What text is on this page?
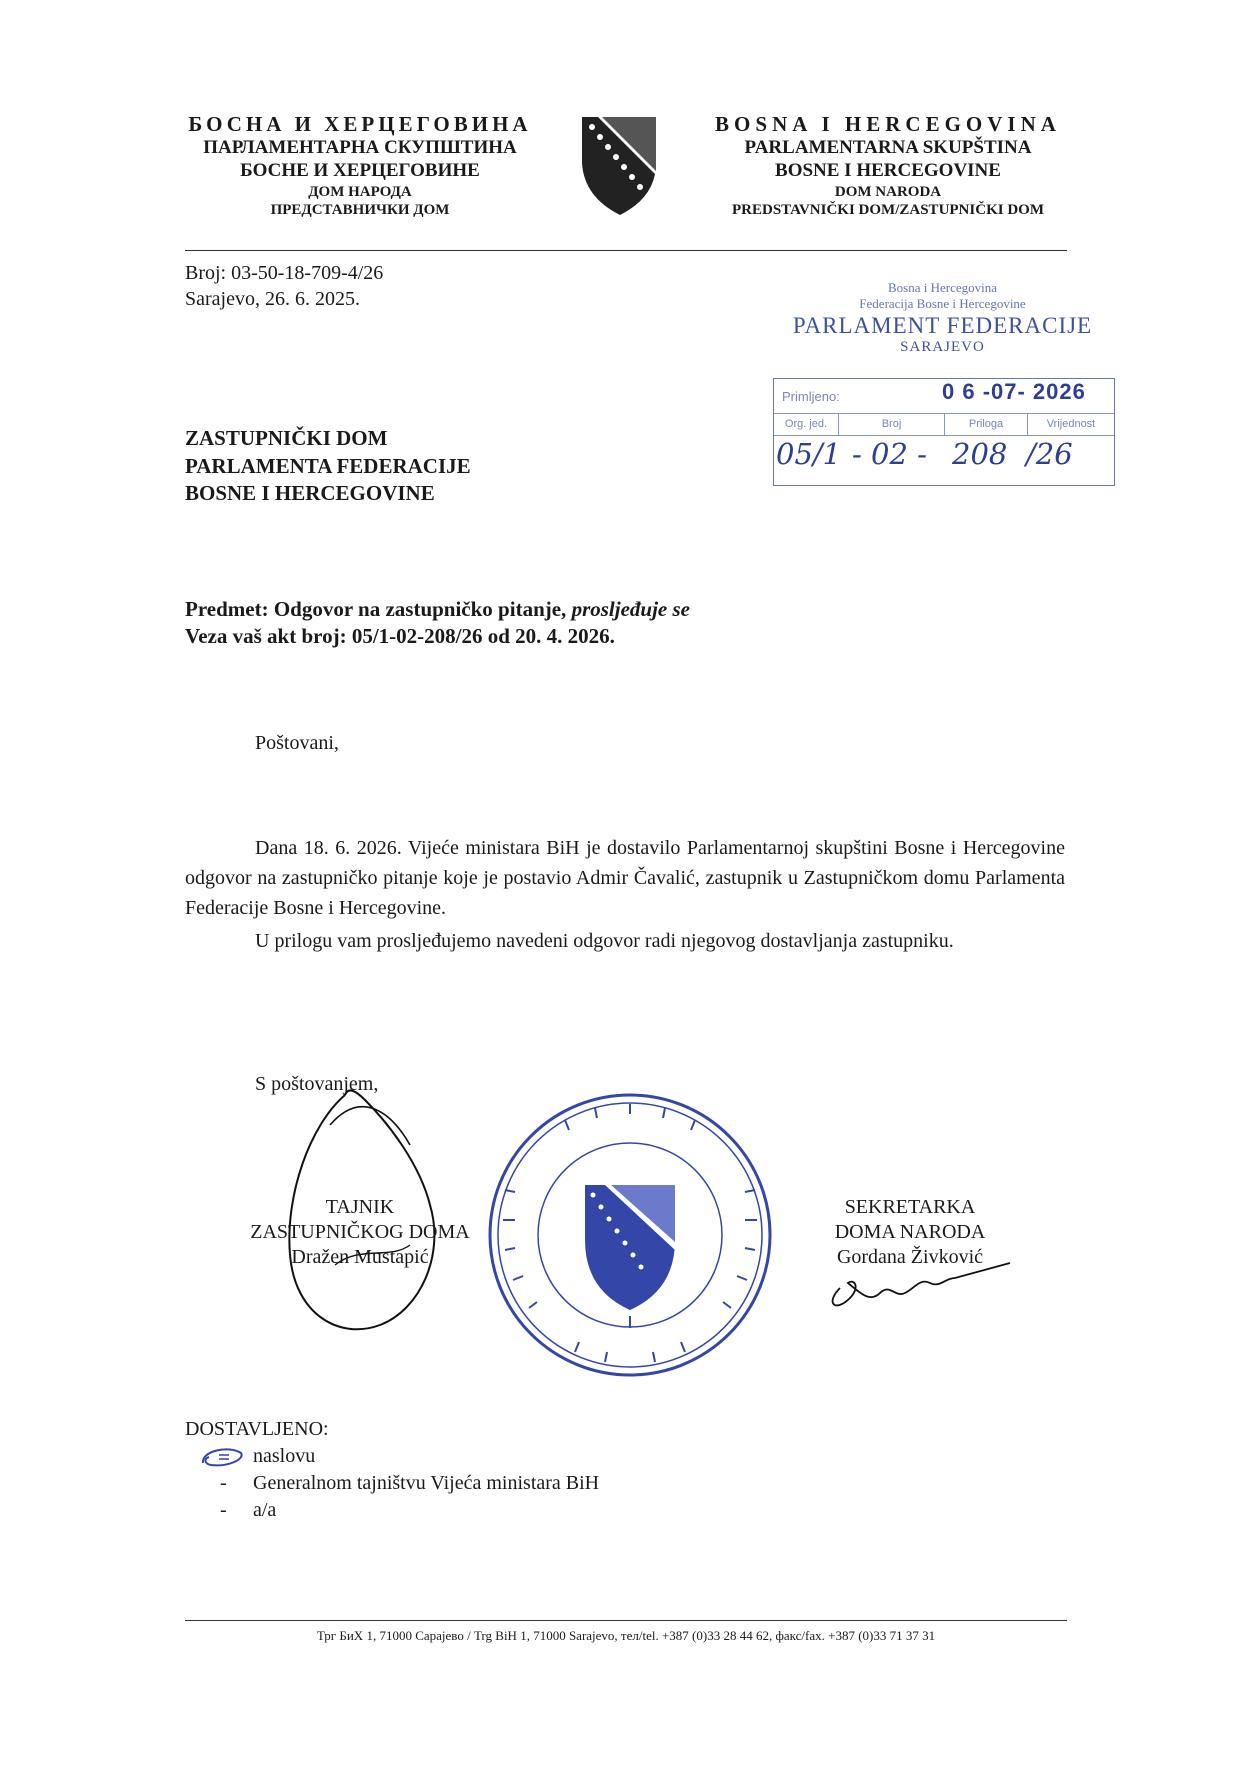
БОСНА И ХЕРЦЕГОВИНА
ПАРЛАМЕНТАРНА СКУПШТИНА
БОСНЕ И ХЕРЦЕГОВИНЕ
ДОМ НАРОДА
ПРЕДСТАВНИЧКИ ДОМ
BOSNA I HERCEGOVINA
PARLAMENTARNA SKUPŠTINA
BOSNE I HERCEGOVINE
DOM NARODA
PREDSTAVNIČKI DOM/ZASTUPNIČKI DOM
Broj: 03-50-18-709-4/26
Sarajevo, 26. 6. 2025.
Bosna i Hercegovina
Federacija Bosne i Hercegovine
PARLAMENT FEDERACIJE
SARAJEVO
Primljeno:	0 6 -07- 2026
Org. jed.	Broj	Priloga	Vrijednost
05/1 - 02 - 208 /26
ZASTUPNIČKI DOM
PARLAMENTA FEDERACIJE
BOSNE I HERCEGOVINE
Predmet: Odgovor na zastupničko pitanje, prosljeđuje se
Veza vaš akt broj: 05/1-02-208/26 od 20. 4. 2026.
Poštovani,
Dana 18. 6. 2026. Vijeće ministara BiH je dostavilo Parlamentarnoj skupštini Bosne i Hercegovine odgovor na zastupničko pitanje koje je postavio Admir Čavalić, zastupnik u Zastupničkom domu Parlamenta Federacije Bosne i Hercegovine.
U prilogu vam prosljeđujemo navedeni odgovor radi njegovog dostavljanja zastupniku.
S poštovanjem,
TAJNIK
ZASTUPNIČKOG DOMA
Dražen Mustapić
SEKRETARKA
DOMA NARODA
Gordana Živković
DOSTAVLJENO:
naslovu
- Generalnom tajništvu Vijeća ministara BiH
- a/a
Трг БиХ 1, 71000 Сарајево / Trg BiH 1, 71000 Sarajevo, тел/tel. +387 (0)33 28 44 62, факс/fax. +387 (0)33 71 37 31
